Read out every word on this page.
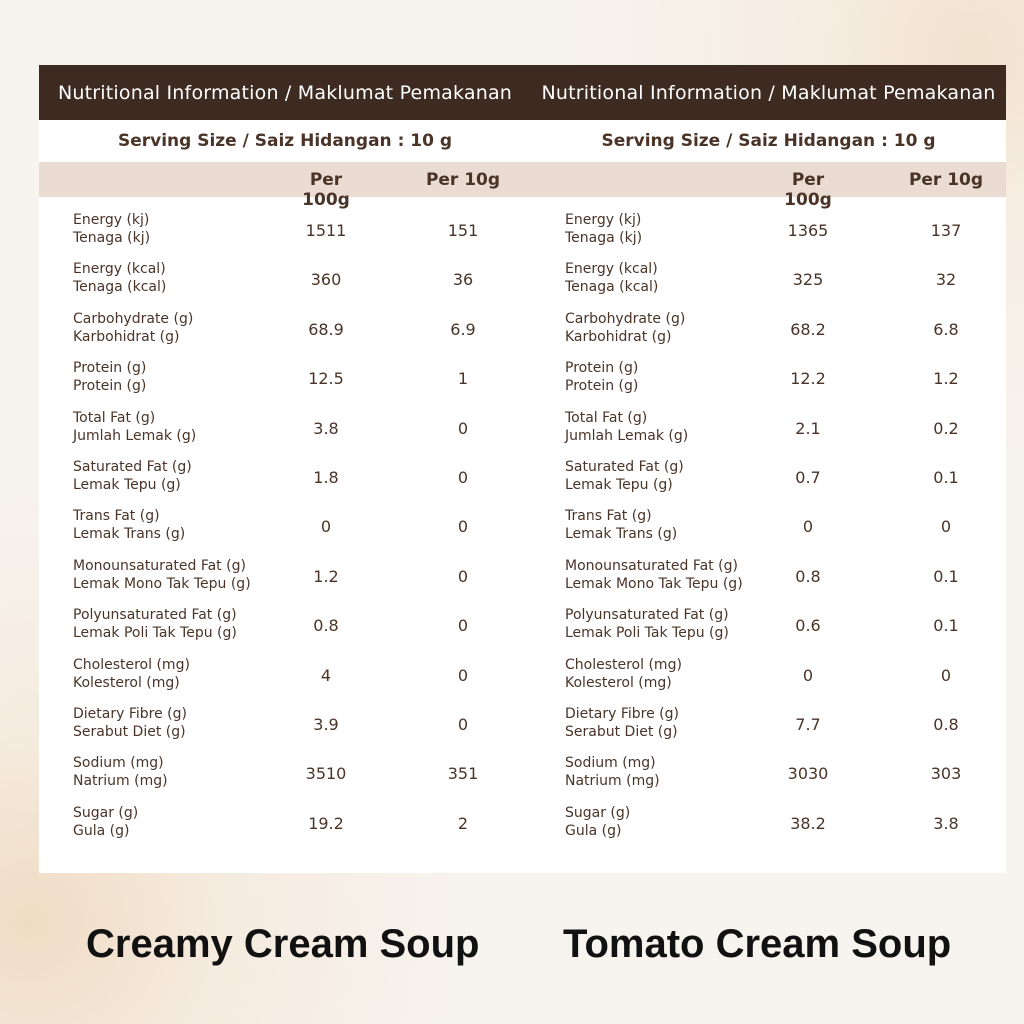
Nutritional Information / Maklumat Pemakanan
Serving Size / Saiz Hidangan : 10 g
Per 100g
Per 10g
Energy (kj)
Tenaga (kj)	1511	151
Energy (kcal)
Tenaga (kcal)	360	36
Carbohydrate (g)
Karbohidrat (g)	68.9	6.9
Protein (g)
Protein (g)	12.5	1
Total Fat (g)
Jumlah Lemak (g)	3.8	0
Saturated Fat (g)
Lemak Tepu (g)	1.8	0
Trans Fat (g)
Lemak Trans (g)	0	0
Monounsaturated Fat (g)
Lemak Mono Tak Tepu (g)	1.2	0
Polyunsaturated Fat (g)
Lemak Poli Tak Tepu (g)	0.8	0
Cholesterol (mg)
Kolesterol (mg)	4	0
Dietary Fibre (g)
Serabut Diet (g)	3.9	0
Sodium (mg)
Natrium (mg)	3510	351
Sugar (g)
Gula (g)	19.2	2
Nutritional Information / Maklumat Pemakanan
Serving Size / Saiz Hidangan : 10 g
Per 100g
Per 10g
Energy (kj)
Tenaga (kj)	1365	137
Energy (kcal)
Tenaga (kcal)	325	32
Carbohydrate (g)
Karbohidrat (g)	68.2	6.8
Protein (g)
Protein (g)	12.2	1.2
Total Fat (g)
Jumlah Lemak (g)	2.1	0.2
Saturated Fat (g)
Lemak Tepu (g)	0.7	0.1
Trans Fat (g)
Lemak Trans (g)	0	0
Monounsaturated Fat (g)
Lemak Mono Tak Tepu (g)	0.8	0.1
Polyunsaturated Fat (g)
Lemak Poli Tak Tepu (g)	0.6	0.1
Cholesterol (mg)
Kolesterol (mg)	0	0
Dietary Fibre (g)
Serabut Diet (g)	7.7	0.8
Sodium (mg)
Natrium (mg)	3030	303
Sugar (g)
Gula (g)	38.2	3.8
Creamy Cream Soup Tomato Cream Soup
